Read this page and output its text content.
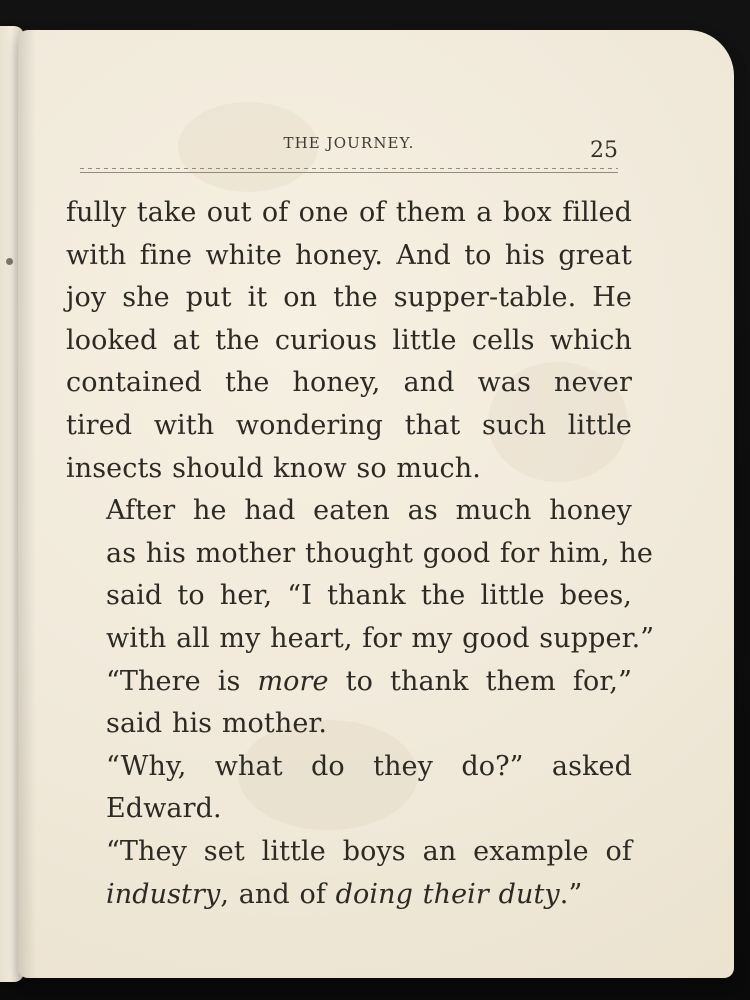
THE JOURNEY.	25

fully take out of one of them a box filled
with fine white honey. And to his great
joy she put it on the supper-table. He
looked at the curious little cells which
contained the honey, and was never
tired with wondering that such little
insects should know so much.

After he had eaten as much honey
as his mother thought good for him, he
said to her, “I thank the little bees,
with all my heart, for my good supper.”

“There is more to thank them for,”
said his mother.

“Why, what do they do?” asked
Edward.

“They set little boys an example of
industry, and of doing their duty.”
